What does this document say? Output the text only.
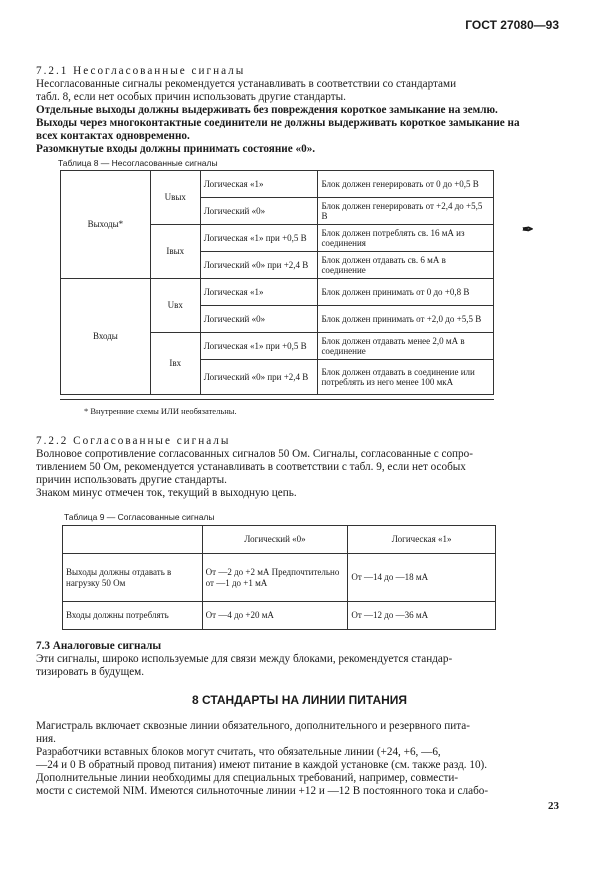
ГОСТ 27080—93

7.2.1 Несогласованные сигналы

Несогласованные сигналы рекомендуется устанавливать в соответствии со стандартами

табл. 8, если нет особых причин использовать другие стандарты.

Отдельные выходы должны выдерживать без повреждения короткое замыкание на землю.

Выходы через многоконтактные соединители не должны выдерживать короткое замыкание на

всех контактах одновременно.

Разомкнутые входы должны принимать состояние «0».

Таблица 8 — Несогласованные сигналы
Выходы*	Uвых	Логическая «1»	Блок должен генерировать от 0 до +0,5 В
		Логический «0»	Блок должен генерировать от +2,4 до +5,5 В
	Iвых	Логическая «1» при +0,5 В	Блок должен потреблять св. 16 мА из соединения
		Логический «0» при +2,4 В	Блок должен отдавать св. 6 мА в соединение
Входы	Uвх	Логическая «1»	Блок должен принимать от 0 до +0,8 В
		Логический «0»	Блок должен принимать от +2,0 до +5,5 В
	Iвх	Логическая «1» при +0,5 В	Блок должен отдавать менее 2,0 мА в соединение
		Логический «0» при +2,4 В	Блок должен отдавать в соединение или потреблять из него менее 100 мкА
* Внутренние схемы ИЛИ необязательны.
✒

7.2.2 Согласованные сигналы

Волновое сопротивление согласованных сигналов 50 Ом. Сигналы, согласованные с сопро-

тивлением 50 Ом, рекомендуется устанавливать в соответствии с табл. 9, если нет особых

причин использовать другие стандарты.

Знаком минус отмечен ток, текущий в выходную цепь.

Таблица 9 — Согласованные сигналы
	Логический «0»	Логическая «1»
Выходы должны отдавать в нагрузку 50 Ом	От —2 до +2 мА Предпочтительно от —1 до +1 мА	От —14 до —18 мА
Входы должны потреблять	От —4 до +20 мА	От —12 до —36 мА

7.3 Аналоговые сигналы

Эти сигналы, широко используемые для связи между блоками, рекомендуется стандар-

тизировать в будущем.

8 СТАНДАРТЫ НА ЛИНИИ ПИТАНИЯ

Магистраль включает сквозные линии обязательного, дополнительного и резервного пита-

ния.

Разработчики вставных блоков могут считать, что обязательные линии (+24, +6, —6,

—24 и 0 В обратный провод питания) имеют питание в каждой установке (см. также разд. 10).

Дополнительные линии необходимы для специальных требований, например, совмести-

мости с системой NIM. Имеются сильноточные линии +12 и —12 В постоянного тока и слабо-

23
